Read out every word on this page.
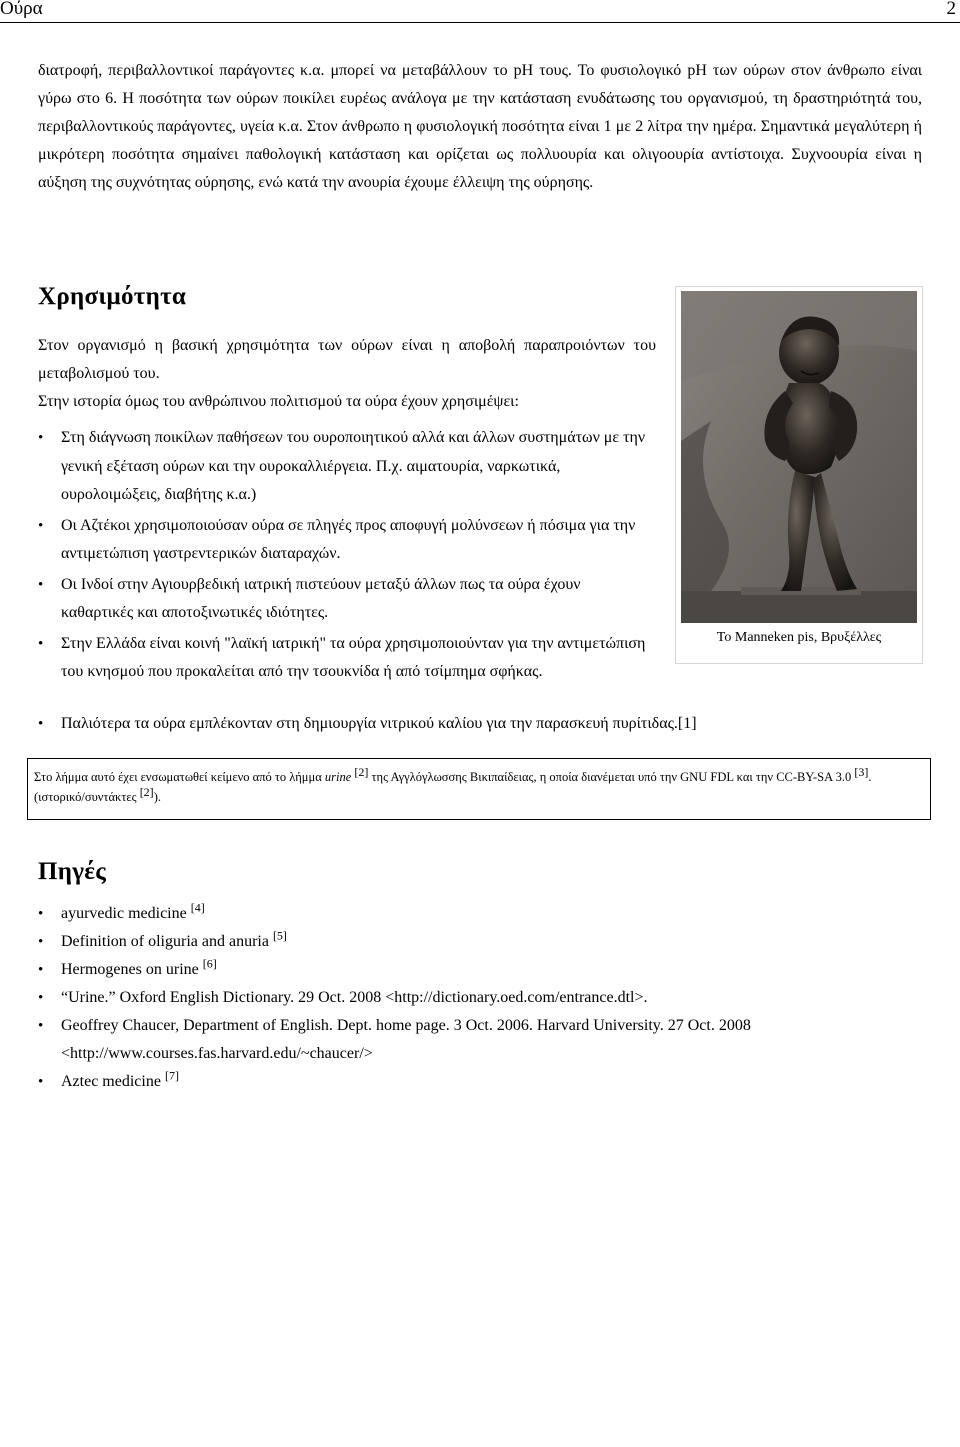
Ούρα	2

διατροφή, περιβαλλοντικοί παράγοντες κ.α. μπορεί να μεταβάλλουν το pH τους. Το φυσιολογικό pH των ούρων στον άνθρωπο είναι γύρω στο 6. Η ποσότητα των ούρων ποικίλει ευρέως ανάλογα με την κατάσταση ενυδάτωσης του οργανισμού, τη δραστηριότητά του, περιβαλλοντικούς παράγοντες, υγεία κ.α. Στον άνθρωπο η φυσιολογική ποσότητα είναι 1 με 2 λίτρα την ημέρα. Σημαντικά μεγαλύτερη ή μικρότερη ποσότητα σημαίνει παθολογική κατάσταση και ορίζεται ως πολλυουρία και ολιγοουρία αντίστοιχα. Συχνοουρία είναι η αύξηση της συχνότητας ούρησης, ενώ κατά την ανουρία έχουμε έλλειψη της ούρησης.

Χρησιμότητα

Στον οργανισμό η βασική χρησιμότητα των ούρων είναι η αποβολή παραπροιόντων του μεταβολισμού του.

Στην ιστορία όμως του ανθρώπινου πολιτισμού τα ούρα έχουν χρησιμέψει:

• Στη διάγνωση ποικίλων παθήσεων του ουροποιητικού αλλά και άλλων συστημάτων με την γενική εξέταση ούρων και την ουροκαλλιέργεια. Π.χ. αιματουρία, ναρκωτικά, ουρολοιμώξεις, διαβήτης κ.α.)
• Οι Αζτέκοι χρησιμοποιούσαν ούρα σε πληγές προς αποφυγή μολύνσεων ή πόσιμα για την αντιμετώπιση γαστρεντερικών διαταραχών.
• Οι Ινδοί στην Αγιουρβεδική ιατρική πιστεύουν μεταξύ άλλων πως τα ούρα έχουν καθαρτικές και αποτοξινωτικές ιδιότητες.
• Στην Ελλάδα είναι κοινή "λαϊκή ιατρική" τα ούρα χρησιμοποιούνταν για την αντιμετώπιση του κνησμού που προκαλείται από την τσουκνίδα ή από τσίμπημα σφήκας.
• Παλιότερα τα ούρα εμπλέκονταν στη δημιουργία νιτρικού καλίου για την παρασκευή πυρίτιδας.[1]
Το Manneken pis, Βρυξέλλες
Στο λήμμα αυτό έχει ενσωματωθεί κείμενο από το λήμμα urine [2] της Αγγλόγλωσσης Βικιπαίδειας, η οποία διανέμεται υπό την GNU FDL και την CC-BY-SA 3.0 [3]. (ιστορικό/συντάκτες [2]).
Πηγές
• ayurvedic medicine [4]
• Definition of oliguria and anuria [5]
• Hermogenes on urine [6]
• “Urine.” Oxford English Dictionary. 29 Oct. 2008 <http://dictionary.oed.com/entrance.dtl>.
• Geoffrey Chaucer, Department of English. Dept. home page. 3 Oct. 2006. Harvard University. 27 Oct. 2008 <http://www.courses.fas.harvard.edu/~chaucer/>
• Aztec medicine [7]
